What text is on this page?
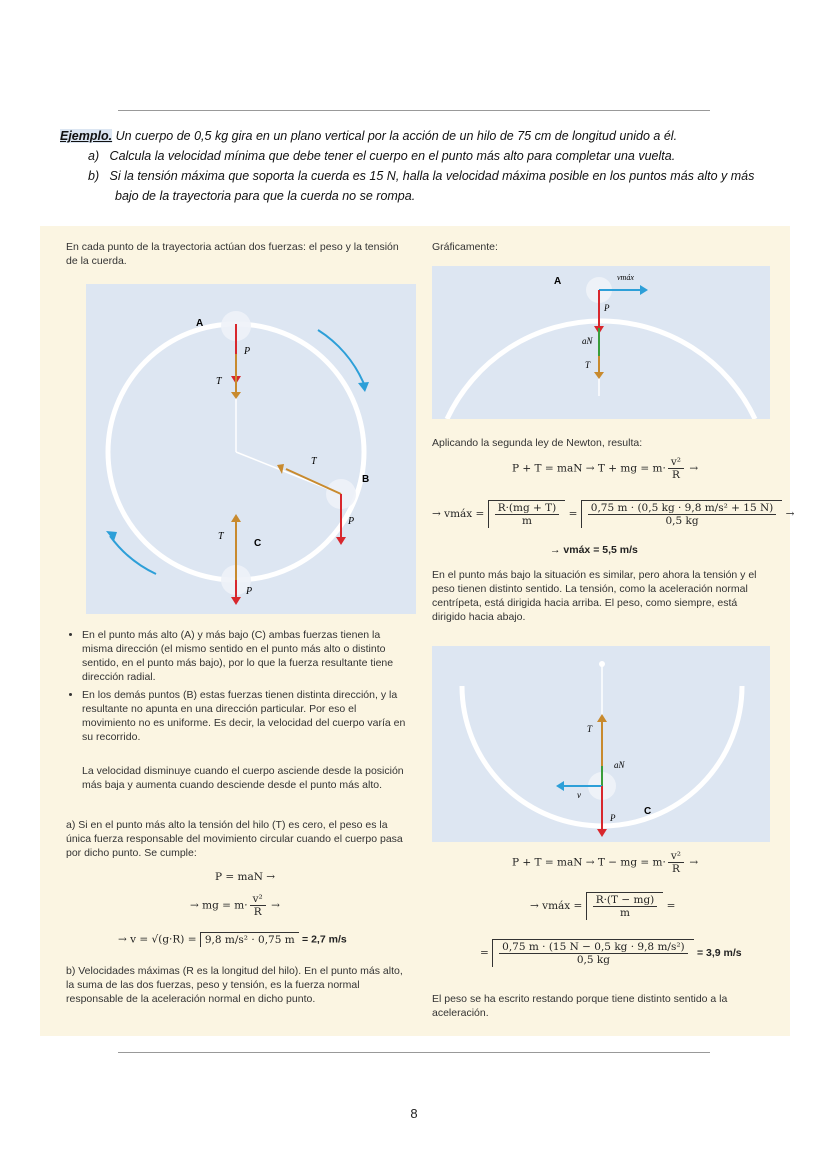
Ejemplo. Un cuerpo de 0,5 kg gira en un plano vertical por la acción de un hilo de 75 cm de longitud unido a él.
a) Calcula la velocidad mínima que debe tener el cuerpo en el punto más alto para completar una vuelta.
b) Si la tensión máxima que soporta la cuerda es 15 N, halla la velocidad máxima posible en los puntos más alto y más bajo de la trayectoria para que la cuerda no se rompa.
En cada punto de la trayectoria actúan dos fuerzas: el peso y la tensión de la cuerda.
A
P
T
T
B
P
T
C
P
• En el punto más alto (A) y más bajo (C) ambas fuerzas tienen la misma dirección (el mismo sentido en el punto más alto o distinto sentido, en el punto más bajo), por lo que la fuerza resultante tiene dirección radial.
• En los demás puntos (B) estas fuerzas tienen distinta dirección, y la resultante no apunta en una dirección particular. Por eso el movimiento no es uniforme. Es decir, la velocidad del cuerpo varía en su recorrido.
La velocidad disminuye cuando el cuerpo asciende desde la posición más baja y aumenta cuando desciende desde el punto más alto.
a) Si en el punto más alto la tensión del hilo (T) es cero, el peso es la única fuerza responsable del movimiento circular cuando el cuerpo pasa por dicho punto. Se cumple:
P = maN →
→ mg = $m\cdot \frac{\text{v²}}{R}$ →
→ v = √(g·R) = 9,8 m/s² · 0,75 m = 2,7 m/s
b) Velocidades máximas (R es la longitud del hilo). En el punto más alto, la suma de las dos fuerzas, peso y tensión, es la fuerza normal responsable de la aceleración normal en dicho punto.
Gráficamente:
A	vmáx
P
aN
T
Aplicando la segunda ley de Newton, resulta:
P + T = maN → T + mg = $m\cdot \frac{\text{v²}}{R}$ →
→ vmáx = $\frac{R\cdot(mg + T)}{m} = \frac{\text{0,75 m · (0,5 kg · 9,8 m/s² + 15 N)}}{0,5 kg}$ →
→ vmáx = 5,5 m/s
En el punto más bajo la situación es similar, pero ahora la tensión y el peso tienen distinto sentido. La tensión, como la aceleración normal centrípeta, está dirigida hacia arriba. El peso, como siempre, está dirigido hacia abajo.
T
aN
v
P
C
P + T = maN → T − mg = $m\cdot \frac{\text{v²}}{R}$ →
→ vmáx = $\frac{R\cdot(T - mg)}{m}$ =
= $\frac{\text{0,75 m · (15 N − 0,5 kg · 9,8 m/s²)}}{0,5 kg} = 3,9$ m/s
El peso se ha escrito restando porque tiene distinto sentido a la aceleración.
8
